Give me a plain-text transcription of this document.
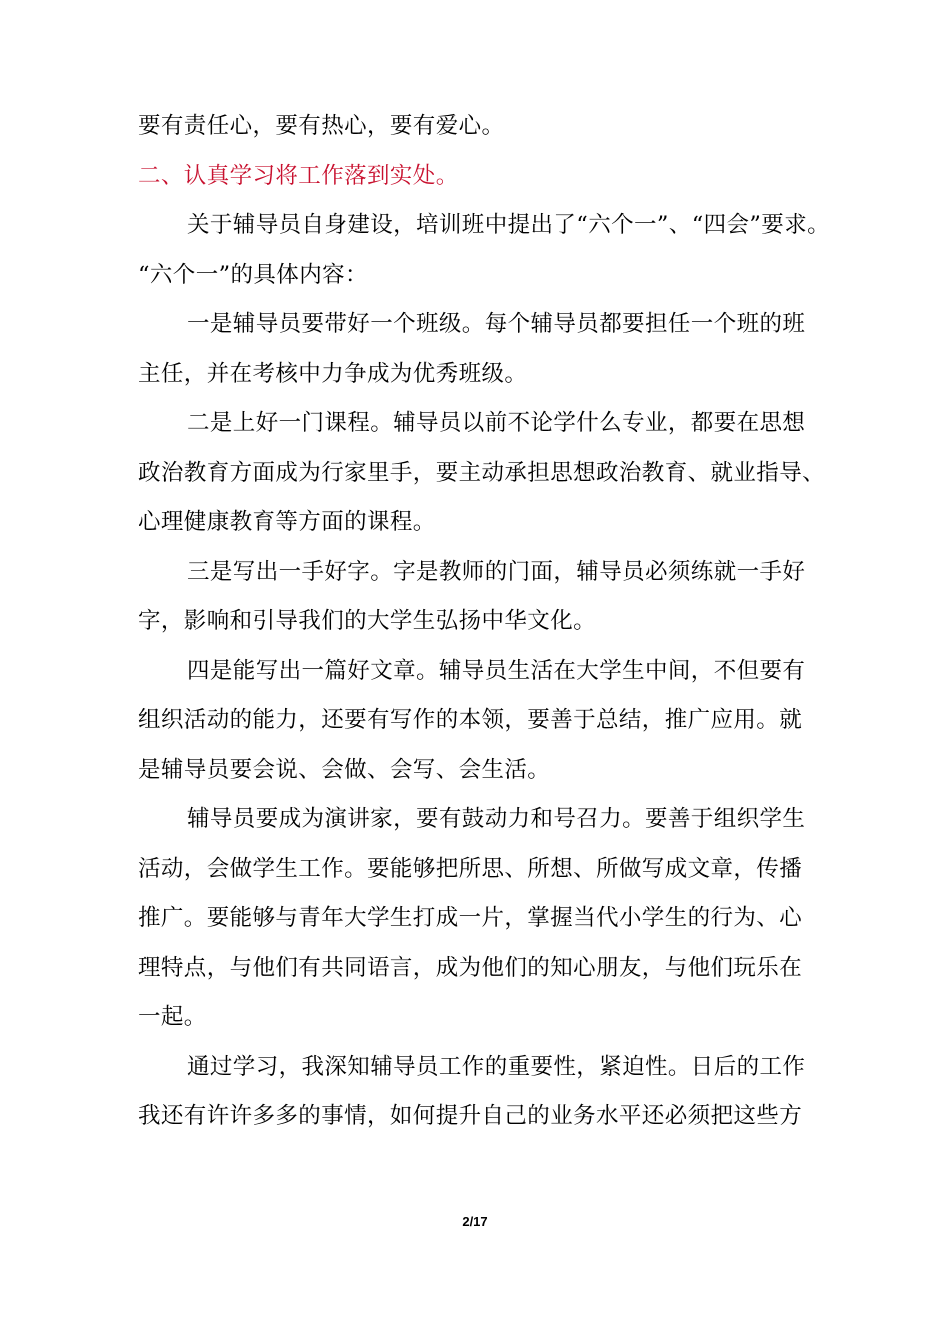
要有责任心，要有热心，要有爱心。
二、认真学习将工作落到实处。
关于辅导员自身建设，培训班中提出了“六个一”、“四会”要求。
“六个一”的具体内容：
一是辅导员要带好一个班级。每个辅导员都要担任一个班的班
主任，并在考核中力争成为优秀班级。
二是上好一门课程。辅导员以前不论学什么专业，都要在思想
政治教育方面成为行家里手，要主动承担思想政治教育、就业指导、
心理健康教育等方面的课程。
三是写出一手好字。字是教师的门面，辅导员必须练就一手好
字，影响和引导我们的大学生弘扬中华文化。
四是能写出一篇好文章。辅导员生活在大学生中间，不但要有
组织活动的能力，还要有写作的本领，要善于总结，推广应用。就
是辅导员要会说、会做、会写、会生活。
辅导员要成为演讲家，要有鼓动力和号召力。要善于组织学生
活动，会做学生工作。要能够把所思、所想、所做写成文章，传播
推广。要能够与青年大学生打成一片，掌握当代小学生的行为、心
理特点，与他们有共同语言，成为他们的知心朋友，与他们玩乐在
一起。
通过学习，我深知辅导员工作的重要性，紧迫性。日后的工作
我还有许许多多的事情，如何提升自己的业务水平还必须把这些方
2/17
